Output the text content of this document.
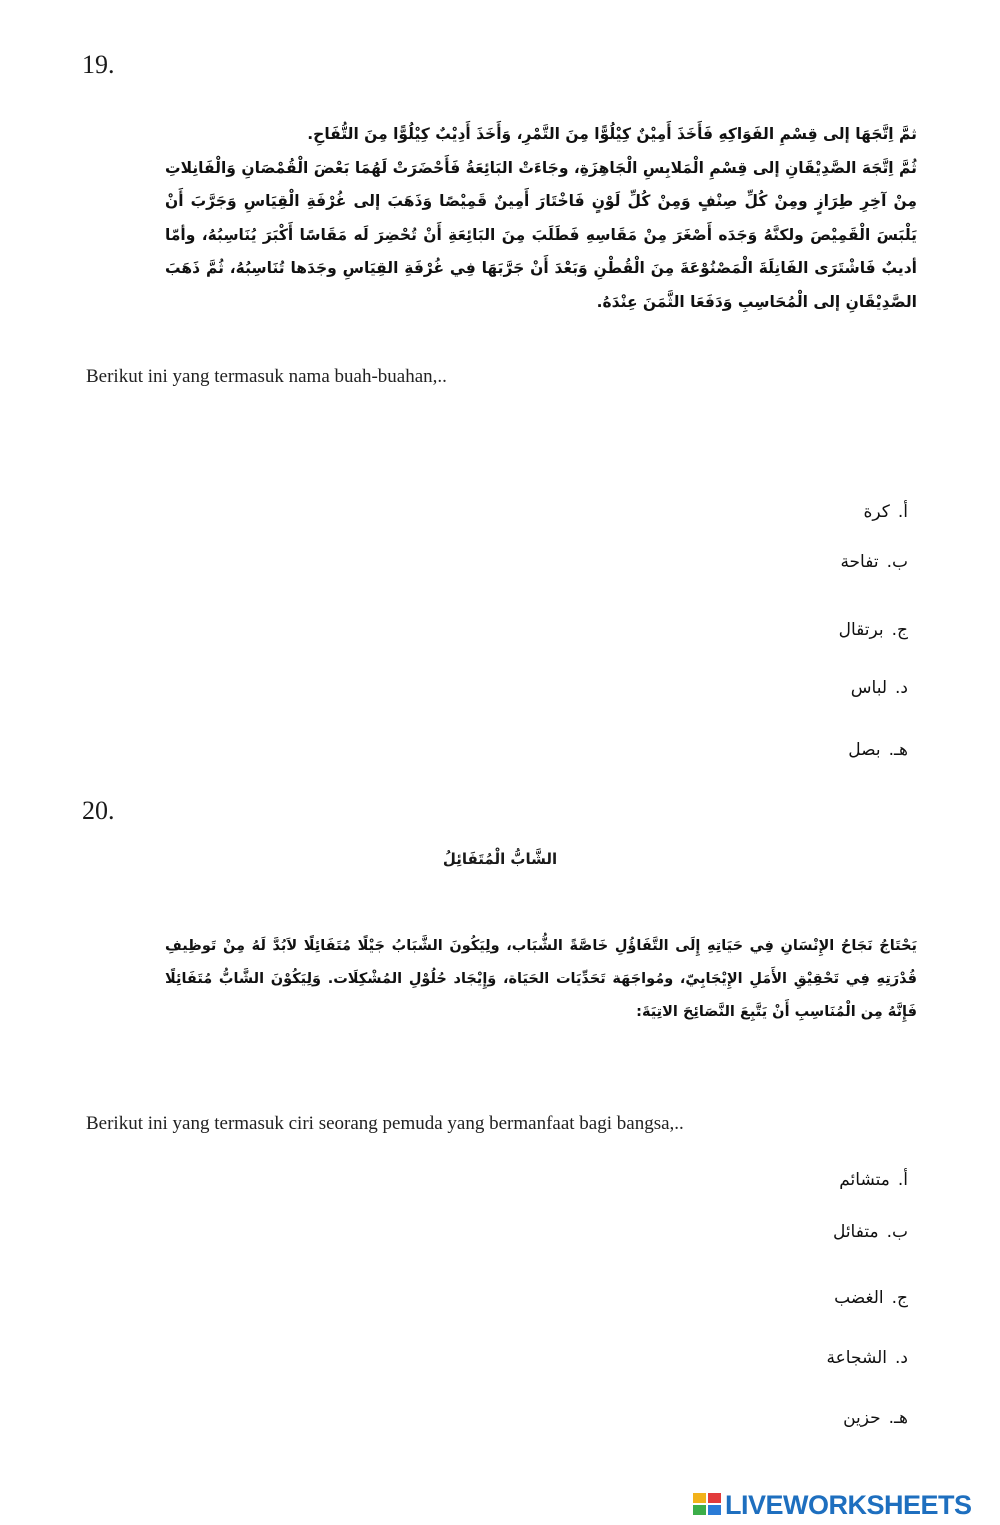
19.

ثمَّ اِتَّجَهَا إلى قِسْمِ الفَوَاكِهِ فَأَخَذَ أَمِيْنٌ كِيْلُوًّا مِنَ التَّمْرِ، وَأَخَذَ أَدِيْبٌ كِيْلُوًّا مِنَ التُّفَاحِ.

ثُمَّ اِتَّجَهَ الصَّدِيْقَانِ إلى قِسْمِ الْمَلابِسِ الْجَاهِزَةِ، وجَاءَتْ البَائِعَةُ فَأَحْضَرَتْ لَهُمَا بَعْضَ الْقُمْصَانِ وَالْفَانِلاتِ مِنْ آخِرِ طِرَازٍ ومِنْ كُلِّ صِنْفٍ وَمِنْ كُلِّ لَوْنٍ فَاخْتَارَ أَمِينٌ قَمِيْصًا وَذَهَبَ إلى غُرْفَةِ الْقِيَاسِ وَجَرَّبَ أَنْ يَلْبَسَ الْقَمِيْصَ ولكنَّهُ وَجَدَه أَصْغَرَ مِنْ مَقَاسِهِ فَطَلَبَ مِنَ البَائِعَةِ أَنْ تُحْضِرَ لَه مَقَاسًا أَكْبَرَ يُنَاسِبُهُ، وأمّا أديبٌ فَاشْتَرَى الفَانِلَةَ الْمَصْنُوْعَةَ مِنَ الْقُطْنِ وَبَعْدَ أَنْ جَرَّبَهَا فِي غُرْفَةِ القِيَاسِ وجَدَها تُنَاسِبُهُ، ثُمَّ ذَهَبَ الصَّدِيْقَانِ إلى الْمُحَاسِبِ وَدَفَعَا الثَّمَنَ عِنْدَهُ.

Berikut ini yang termasuk nama buah-buahan,..
أ.كرة
ب.تفاحة
ج.برتقال
د.لباس
هـ.بصل
20.
الشَّابُّ الْمُتَفَائِلُ

يَحْتَاجُ نَجَاحُ الإِنْسَانِ فِي حَيَاتِهِ إِلَى التَّفَاؤُلِ خَاصَّةً الشُّبَاب، ولِيَكُونَ الشَّبَابُ جَيْلًا مُتَفَائِلًا لاَبُدَّ لَهُ مِنْ تَوظِيفِ قُدْرَتِهِ فِي تَحْقِيْقِ الأَمَلِ الإِيْجَابِيّ، ومُواجَهَة تَحَدِّيَات الحَيَاة، وَإِيْجَاد حُلُوْلِ المُشْكِلَات. وَلِيَكُوْنَ الشَّابُّ مُتَفَائِلًا فَإِنَّهُ مِن الْمُنَاسِبِ أَنْ يَتَّبِعَ النَّصَائِحَ الاتِيَةَ:

Berikut ini yang termasuk ciri seorang pemuda yang bermanfaat bagi bangsa,..
أ.متشائم
ب.متفائل
ج.الغضب
د.الشجاعة
هـ.حزين
LIVEWORKSHEETS
